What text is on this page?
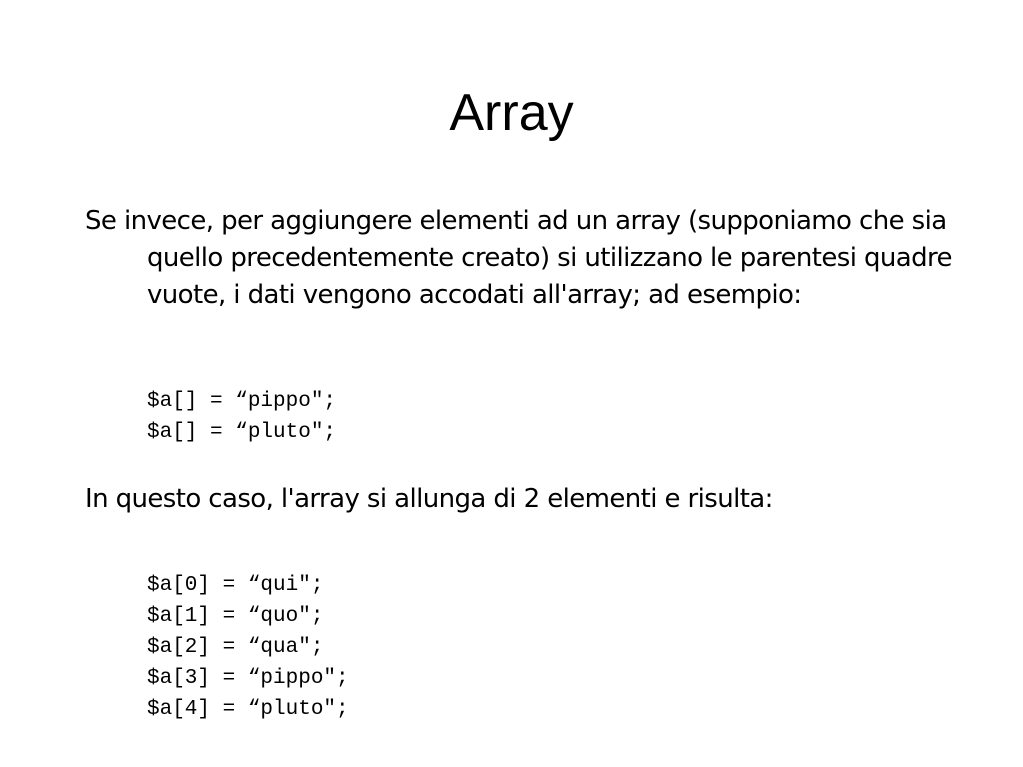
Array

Se invece, per aggiungere elementi ad un array (supponiamo che sia quello precedentemente creato) si utilizzano le parentesi quadre vuote, i dati vengono accodati all'array; ad esempio:

$a[] = “pippo";
$a[] = “pluto";

In questo caso, l'array si allunga di 2 elementi e risulta:

$a[0] = “qui";
$a[1] = “quo";
$a[2] = “qua";
$a[3] = “pippo";
$a[4] = “pluto";
